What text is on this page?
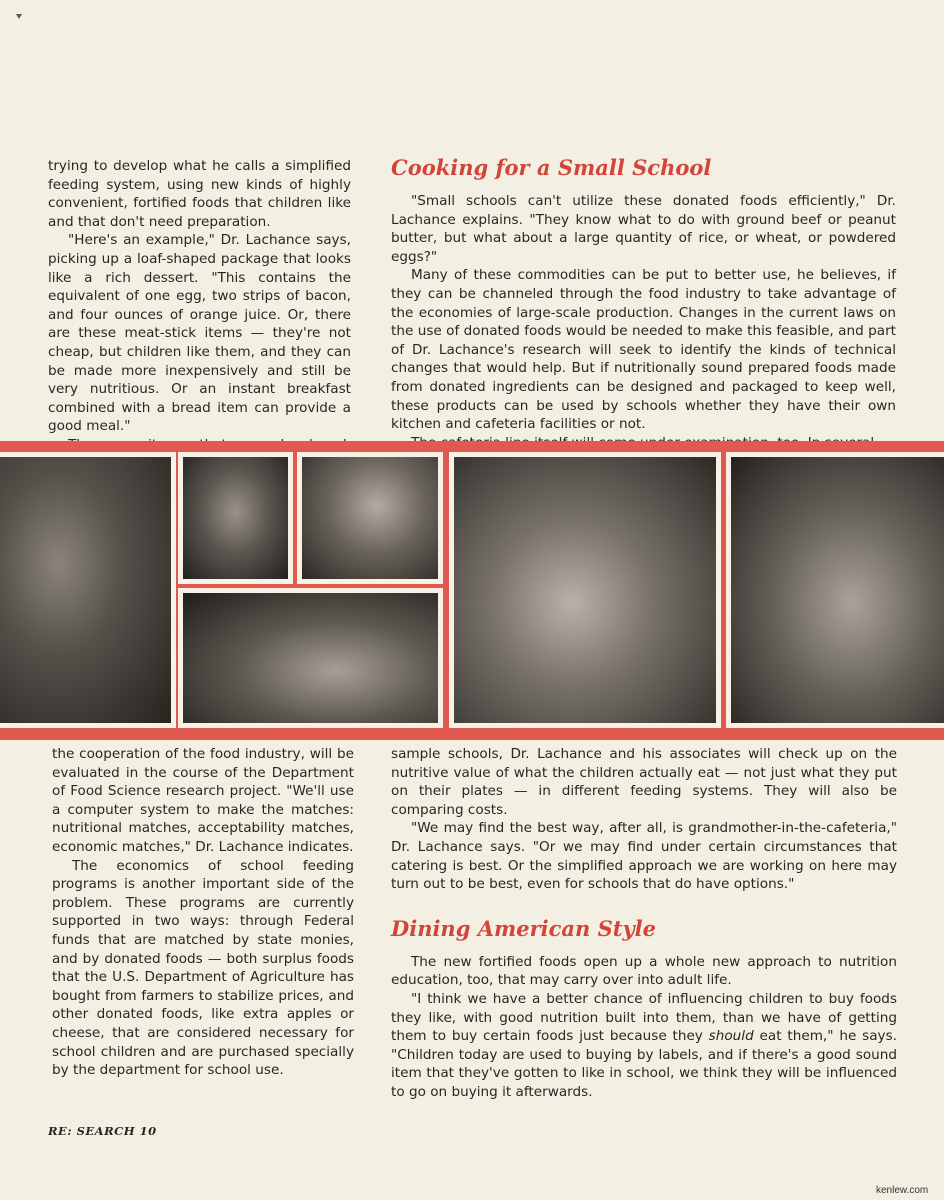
trying to develop what he calls a simplified feeding system, using new kinds of highly convenient, fortified foods that children like and that don't need preparation.

"Here's an example," Dr. Lachance says, picking up a loaf-shaped package that looks like a rich dessert. "This contains the equivalent of one egg, two strips of bacon, and four ounces of orange juice. Or, there are these meat-stick items — they're not cheap, but children like them, and they can be made more inexpensively and still be very nutritious. Or an instant breakfast combined with a bread item can provide a good meal."

Cooking for a Small School

"Small schools can't utilize these donated foods efficiently," Dr. Lachance explains. "They know what to do with ground beef or peanut butter, but what about a large quantity of rice, or wheat, or powdered eggs?"

Many of these commodities can be put to better use, he believes, if they can be channeled through the food industry to take advantage of the economies of large-scale production. Changes in the current laws on the use of donated foods would be needed to make this feasible, and part of Dr. Lachance's research will seek to identify the kinds of technical changes that would help. But if nutritionally sound prepared foods made from donated ingredients can be designed and packaged to keep well, these products can be used by schools whether they have their own kitchen and cafeteria facilities or not.

the cooperation of the food industry, will be evaluated in the course of the Department of Food Science research project. "We'll use a computer system to make the matches: nutritional matches, acceptability matches, economic matches," Dr. Lachance indicates.

The economics of school feeding programs is another important side of the problem. These programs are currently supported in two ways: through Federal funds that are matched by state monies, and by donated foods — both surplus foods that the U.S. Department of Agriculture has bought from farmers to stabilize prices, and other donated foods, like extra apples or cheese, that are considered necessary for school children and are purchased specially by the department for school use.

sample schools, Dr. Lachance and his associates will check up on the nutritive value of what the children actually eat — not just what they put on their plates — in different feeding systems. They will also be comparing costs.

"We may find the best way, after all, is grandmother-in-the-cafeteria," Dr. Lachance says. "Or we may find under certain circumstances that catering is best. Or the simplified approach we are working on here may turn out to be best, even for schools that do have options."

Dining American Style

The new fortified foods open up a whole new approach to nutrition education, too, that may carry over into adult life.

"I think we have a better chance of influencing children to buy foods they like, with good nutrition built into them, than we have of getting them to buy certain foods just because they should eat them," he says. "Children today are used to buying by labels, and if there's a good sound item that they've gotten to like in school, we think they will be influenced to go on buying it afterwards.

RE: SEARCH 10
kenlew.com
